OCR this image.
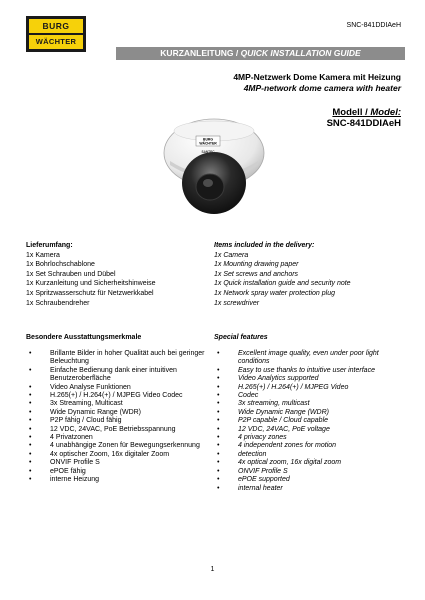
BURG
WÄCHTER
SNC-841DDIAeH
KURZANLEITUNG / QUICK INSTALLATION GUIDE
4MP-Netzwerk Dome Kamera mit Heizung
4MP-network dome camera with heater
Modell / Model:
SNC-841DDIAeH
BURG
WÄCHTER
SANTEC
Lieferumfang:
1x Kamera
1x Bohrlochschablone
1x Set Schrauben und Dübel
1x Kurzanleitung und Sicherheitshinweise
1x Spritzwasserschutz für Netzwerkkabel
1x Schraubendreher
Items included in the delivery:
1x Camera
1x Mounting drawing paper
1x Set screws and anchors
1x Quick installation guide and security note
1x Network spray water protection plug
1x screwdriver
Besondere Ausstattungsmerkmale	Special features
• Brillante Bilder in hoher Qualität auch bei geringer Beleuchtung
• Einfache Bedienung dank einer intuitiven Benutzeroberfläche
• Video Analyse Funktionen
• H.265(+) / H.264(+) / MJPEG Video Codec
• 3x Streaming, Multicast
• Wide Dynamic Range (WDR)
• P2P fähig / Cloud fähig
• 12 VDC, 24VAC, PoE Betriebsspannung
• 4 Privatzonen
• 4 unabhängige Zonen für Bewegungserkennung
• 4x optischer Zoom, 16x digitaler Zoom
• ONVIF Profile S
• ePOE fähig
• interne Heizung
• Excellent image quality, even under poor light conditions
• Easy to use thanks to intuitive user interface
• Video Analytics supported
• H.265(+) / H.264(+) / MJPEG Video
• Codec
• 3x streaming, multicast
• Wide Dynamic Range (WDR)
• P2P capable / Cloud capable
• 12 VDC, 24VAC, PoE voltage
• 4 privacy zones
• 4 independent zones for motion
• detection
• 4x optical zoom, 16x digital zoom
• ONVIF Profile S
• ePOE supported
• internal heater
1
